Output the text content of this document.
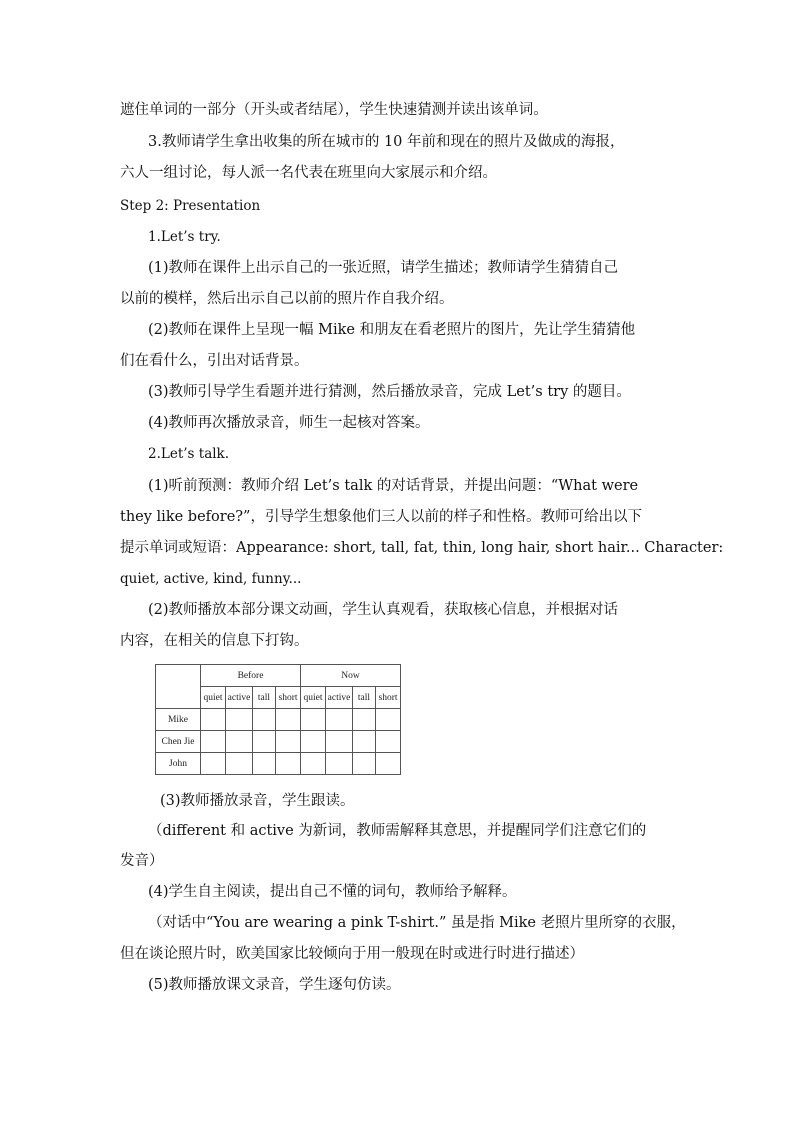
遮住单词的一部分（开头或者结尾），学生快速猜测并读出该单词。
3.教师请学生拿出收集的所在城市的 10 年前和现在的照片及做成的海报，
六人一组讨论，每人派一名代表在班里向大家展示和介绍。
Step 2: Presentation
1.Let’s try.
(1)教师在课件上出示自己的一张近照，请学生描述；教师请学生猜猜自己
以前的模样，然后出示自己以前的照片作自我介绍。
(2)教师在课件上呈现一幅 Mike 和朋友在看老照片的图片，先让学生猜猜他
们在看什么，引出对话背景。
(3)教师引导学生看题并进行猜测，然后播放录音，完成 Let’s try 的题目。
(4)教师再次播放录音，师生一起核对答案。
2.Let’s talk.
(1)听前预测：教师介绍 Let’s talk 的对话背景，并提出问题：“What were
they like before?”，引导学生想象他们三人以前的样子和性格。教师可给出以下
提示单词或短语：Appearance: short, tall, fat, thin, long hair, short hair... Character:
quiet, active, kind, funny...
(2)教师播放本部分课文动画，学生认真观看，获取核心信息，并根据对话
内容，在相关的信息下打钩。
	Before				Now			
	quiet	active	tall	short	quiet	active	tall	short
Mike								
Chen Jie								
John								
(3)教师播放录音，学生跟读。
（different 和 active 为新词，教师需解释其意思，并提醒同学们注意它们的
发音）
(4)学生自主阅读，提出自己不懂的词句，教师给予解释。
（对话中“You are wearing a pink T-shirt.” 虽是指 Mike 老照片里所穿的衣服，
但在谈论照片时，欧美国家比较倾向于用一般现在时或进行时进行描述）
(5)教师播放课文录音，学生逐句仿读。
